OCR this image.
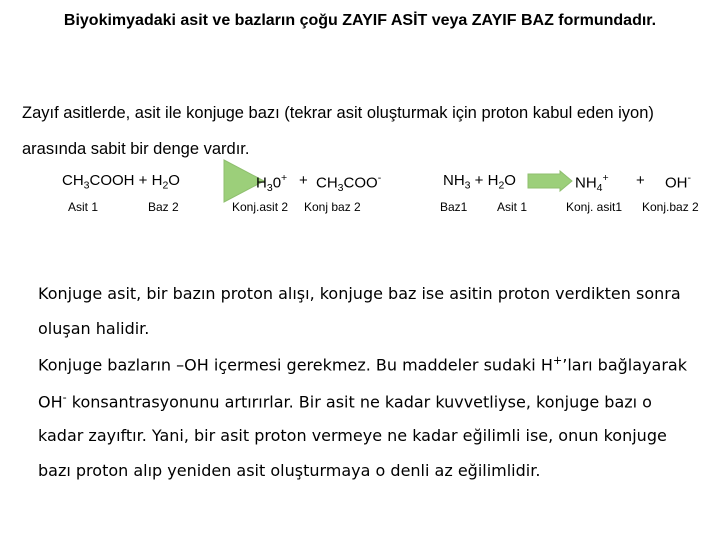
Biyokimyadaki asit ve bazların çoğu ZAYIF ASİT veya ZAYIF BAZ formundadır.
Zayıf asitlerde, asit ile konjuge bazı (tekrar asit oluşturmak için proton kabul eden iyon)
arasında sabit bir denge vardır.
$CH_3COOH + H_2O$	$H_30^+ + CH_3COO^-$
Asit 1	Baz 2	Konj.asit 2 Konj baz 2
$NH_3 + H_2O$	$NH_4^+ + OH^-$
Baz1 Asit 1	Konj. asit1 Konj.baz 2
Konjuge asit, bir bazın proton alışı, konjuge baz ise asitin proton verdikten sonra
oluşan halidir.
Konjuge bazların –OH içermesi gerekmez. Bu maddeler sudaki H+’ları bağlayarak
OH- konsantrasyonunu artırırlar. Bir asit ne kadar kuvvetliyse, konjuge bazı o
kadar zayıftır. Yani, bir asit proton vermeye ne kadar eğilimli ise, onun konjuge
bazı proton alıp yeniden asit oluşturmaya o denli az eğilimlidir.
